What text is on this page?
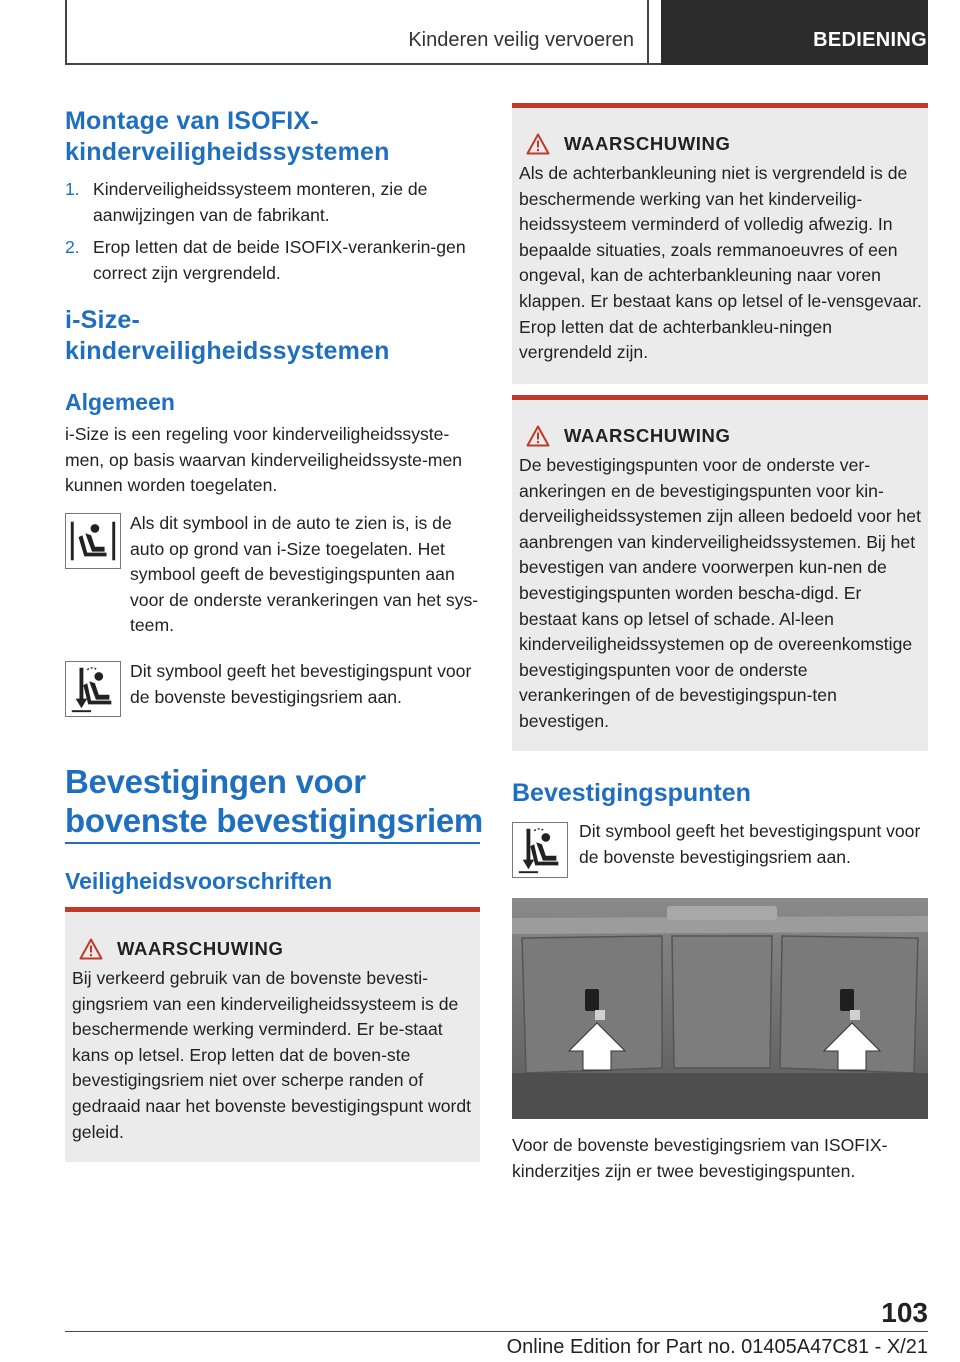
Kinderen veilig vervoeren	BEDIENING
Montage van ISOFIX-kinderveiligheidssystemen
1. Kinderveiligheidssysteem monteren, zie de aanwijzingen van de fabrikant.
2. Erop letten dat de beide ISOFIX-verankerin-gen correct zijn vergrendeld.
i-Size-kinderveiligheidssystemen
Algemeen
i-Size is een regeling voor kinderveiligheidssyste-men, op basis waarvan kinderveiligheidssyste-men kunnen worden toegelaten.
Als dit symbool in de auto te zien is, is de auto op grond van i-Size toegelaten. Het symbool geeft de bevestigingspunten aan voor de onderste verankeringen van het sys-teem.
Dit symbool geeft het bevestigingspunt voor de bovenste bevestigingsriem aan.
Bevestigingen voor bovenste bevestigingsriem
Veiligheidsvoorschriften
WAARSCHUWING
Bij verkeerd gebruik van de bovenste bevesti-gingsriem van een kinderveiligheidssysteem is de beschermende werking verminderd. Er be-staat kans op letsel. Erop letten dat de boven-ste bevestigingsriem niet over scherpe randen of gedraaid naar het bovenste bevestigingspunt wordt geleid.
WAARSCHUWING
Als de achterbankleuning niet is vergrendeld is de beschermende werking van het kinderveilig-heidssysteem verminderd of volledig afwezig. In bepaalde situaties, zoals remmanoeuvres of een ongeval, kan de achterbankleuning naar voren klappen. Er bestaat kans op letsel of le-vensgevaar. Erop letten dat de achterbankleu-ningen vergrendeld zijn.
WAARSCHUWING
De bevestigingspunten voor de onderste ver-ankeringen en de bevestigingspunten voor kin-derveiligheidssystemen zijn alleen bedoeld voor het aanbrengen van kinderveiligheidssystemen. Bij het bevestigen van andere voorwerpen kun-nen de bevestigingspunten worden bescha-digd. Er bestaat kans op letsel of schade. Al-leen kinderveiligheidssystemen op de overeenkomstige bevestigingspunten voor de onderste verankeringen of de bevestigingspun-ten bevestigen.
Bevestigingspunten
Dit symbool geeft het bevestigingspunt voor de bovenste bevestigingsriem aan.
Voor de bovenste bevestigingsriem van ISOFIX-kinderzitjes zijn er twee bevestigingspunten.
103
Online Edition for Part no. 01405A47C81 - X/21
